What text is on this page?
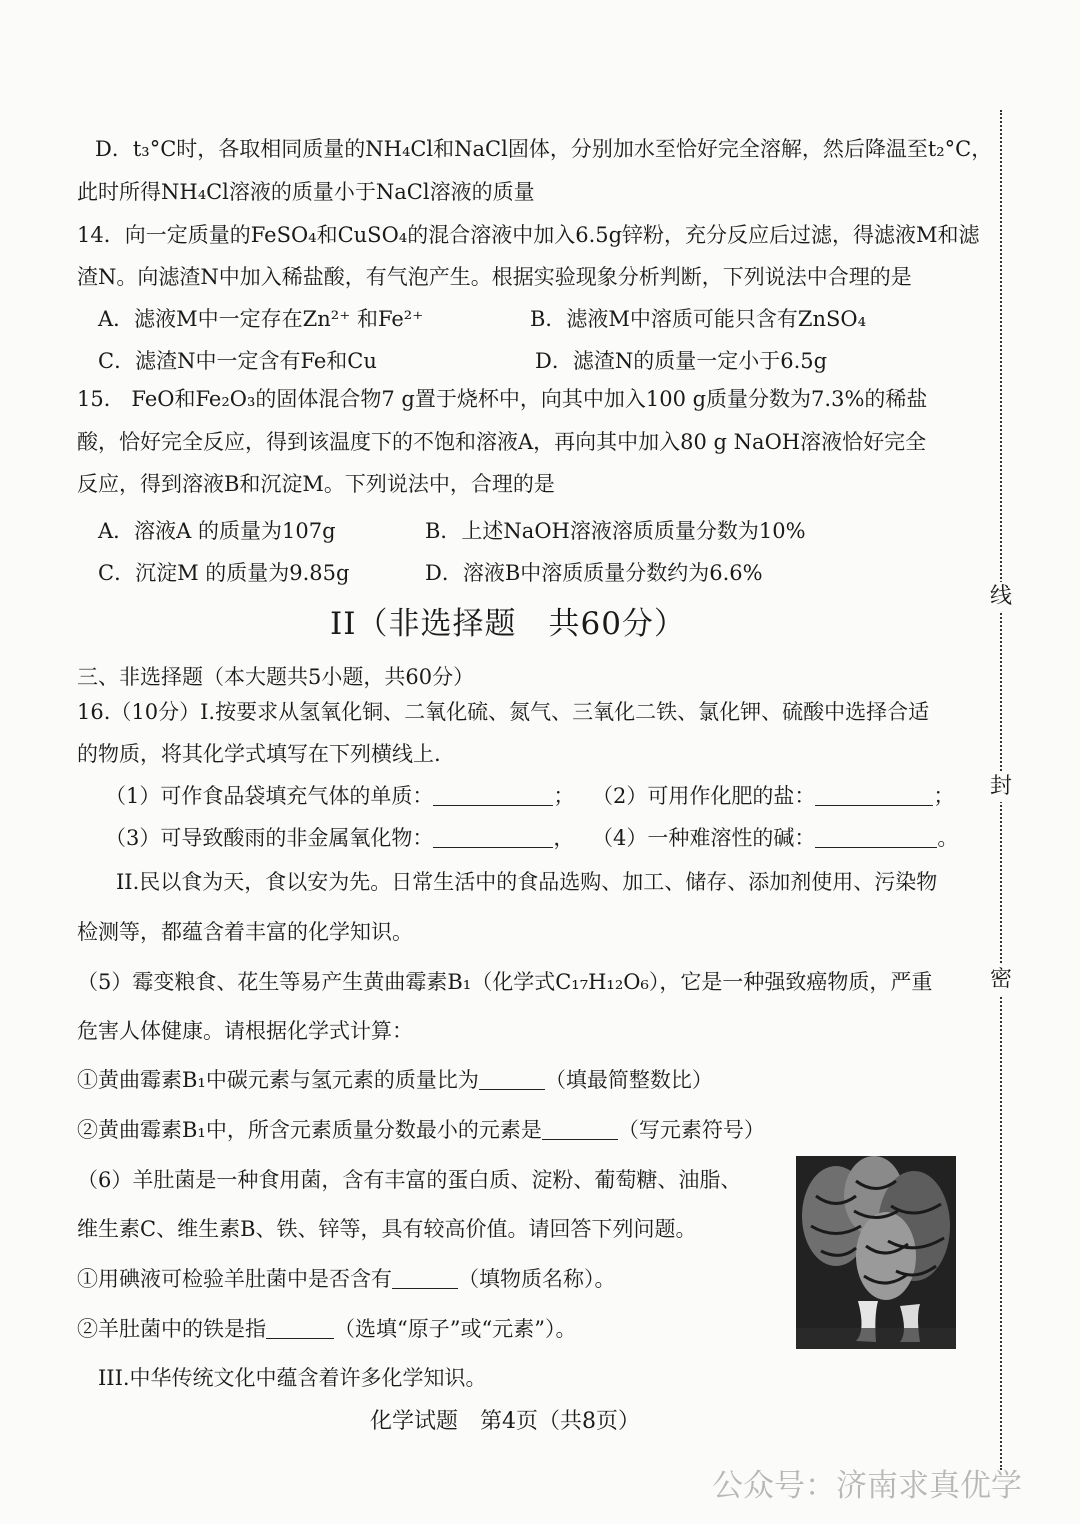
D．t₃°C时，各取相同质量的NH₄Cl和NaCl固体，分别加水至恰好完全溶解，然后降温至t₂°C，
此时所得NH₄Cl溶液的质量小于NaCl溶液的质量
14．向一定质量的FeSO₄和CuSO₄的混合溶液中加入6.5g锌粉，充分反应后过滤，得滤液M和滤
渣N。向滤渣N中加入稀盐酸，有气泡产生。根据实验现象分析判断，下列说法中合理的是
A．滤液M中一定存在Zn²⁺ 和Fe²⁺	B．滤液M中溶质可能只含有ZnSO₄
C．滤渣N中一定含有Fe和Cu	D．滤渣N的质量一定小于6.5g
15． FeO和Fe₂O₃的固体混合物7 g置于烧杯中，向其中加入100 g质量分数为7.3%的稀盐
酸，恰好完全反应，得到该温度下的不饱和溶液A，再向其中加入80 g NaOH溶液恰好完全
反应，得到溶液B和沉淀M。下列说法中，合理的是
A．溶液A 的质量为107g	B．上述NaOH溶液溶质质量分数为10%
C．沉淀M 的质量为9.85g	D．溶液B中溶质质量分数约为6.6%
II（非选择题　共60分）
三、非选择题（本大题共5小题，共60分）
16.（10分）I.按要求从氢氧化铜、二氧化硫、氮气、三氧化二铁、氯化钾、硫酸中选择合适
的物质，将其化学式填写在下列横线上.
（1）可作食品袋填充气体的单质：	； （2）可用作化肥的盐：	；
（3）可导致酸雨的非金属氧化物：	， （4）一种难溶性的碱：	。
II.民以食为天，食以安为先。日常生活中的食品选购、加工、储存、添加剂使用、污染物
检测等，都蕴含着丰富的化学知识。
（5）霉变粮食、花生等易产生黄曲霉素B₁（化学式C₁₇H₁₂O₆），它是一种强致癌物质，严重
危害人体健康。请根据化学式计算：
①黄曲霉素B₁中碳元素与氢元素的质量比为	（填最简整数比）
②黄曲霉素B₁中，所含元素质量分数最小的元素是	（写元素符号）
（6）羊肚菌是一种食用菌，含有丰富的蛋白质、淀粉、葡萄糖、油脂、
维生素C、维生素B、铁、锌等，具有较高价值。请回答下列问题。
①用碘液可检验羊肚菌中是否含有	（填物质名称）。
②羊肚菌中的铁是指	（选填“原子”或“元素”）。
III.中华传统文化中蕴含着许多化学知识。
线
封
密
化学试题　第4页（共8页）
公众号：济南求真优学
